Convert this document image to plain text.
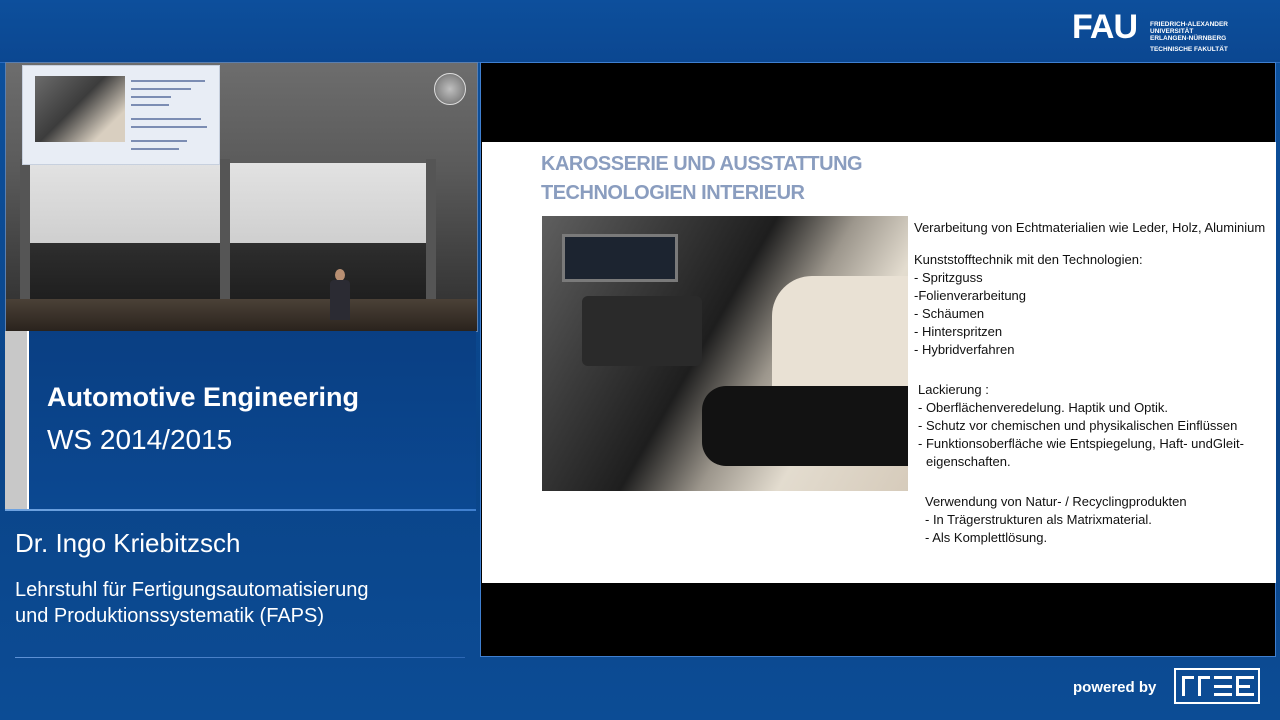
FAU FRIEDRICH-ALEXANDER
UNIVERSITÄT
ERLANGEN-NÜRNBERG
TECHNISCHE FAKULTÄT
Automotive Engineering
WS 2014/2015
Dr. Ingo Kriebitzsch
Lehrstuhl für Fertigungsautomatisierung
und Produktionssystematik (FAPS)
KAROSSERIE UND AUSSTATTUNG
TECHNOLOGIEN INTERIEUR
Verarbeitung von Echtmaterialien wie Leder, Holz, Aluminium
Kunststofftechnik mit den Technologien:
- Spritzguss
-Folienverarbeitung
- Schäumen
- Hinterspritzen
- Hybridverfahren
Lackierung :
- Oberflächenveredelung. Haptik und Optik.
- Schutz vor chemischen und physikalischen Einflüssen
- Funktionsoberfläche wie Entspiegelung, Haft- undGleit-
eigenschaften.
Verwendung von Natur- / Recyclingprodukten
- In Trägerstrukturen als Matrixmaterial.
- Als Komplettlösung.
powered by
